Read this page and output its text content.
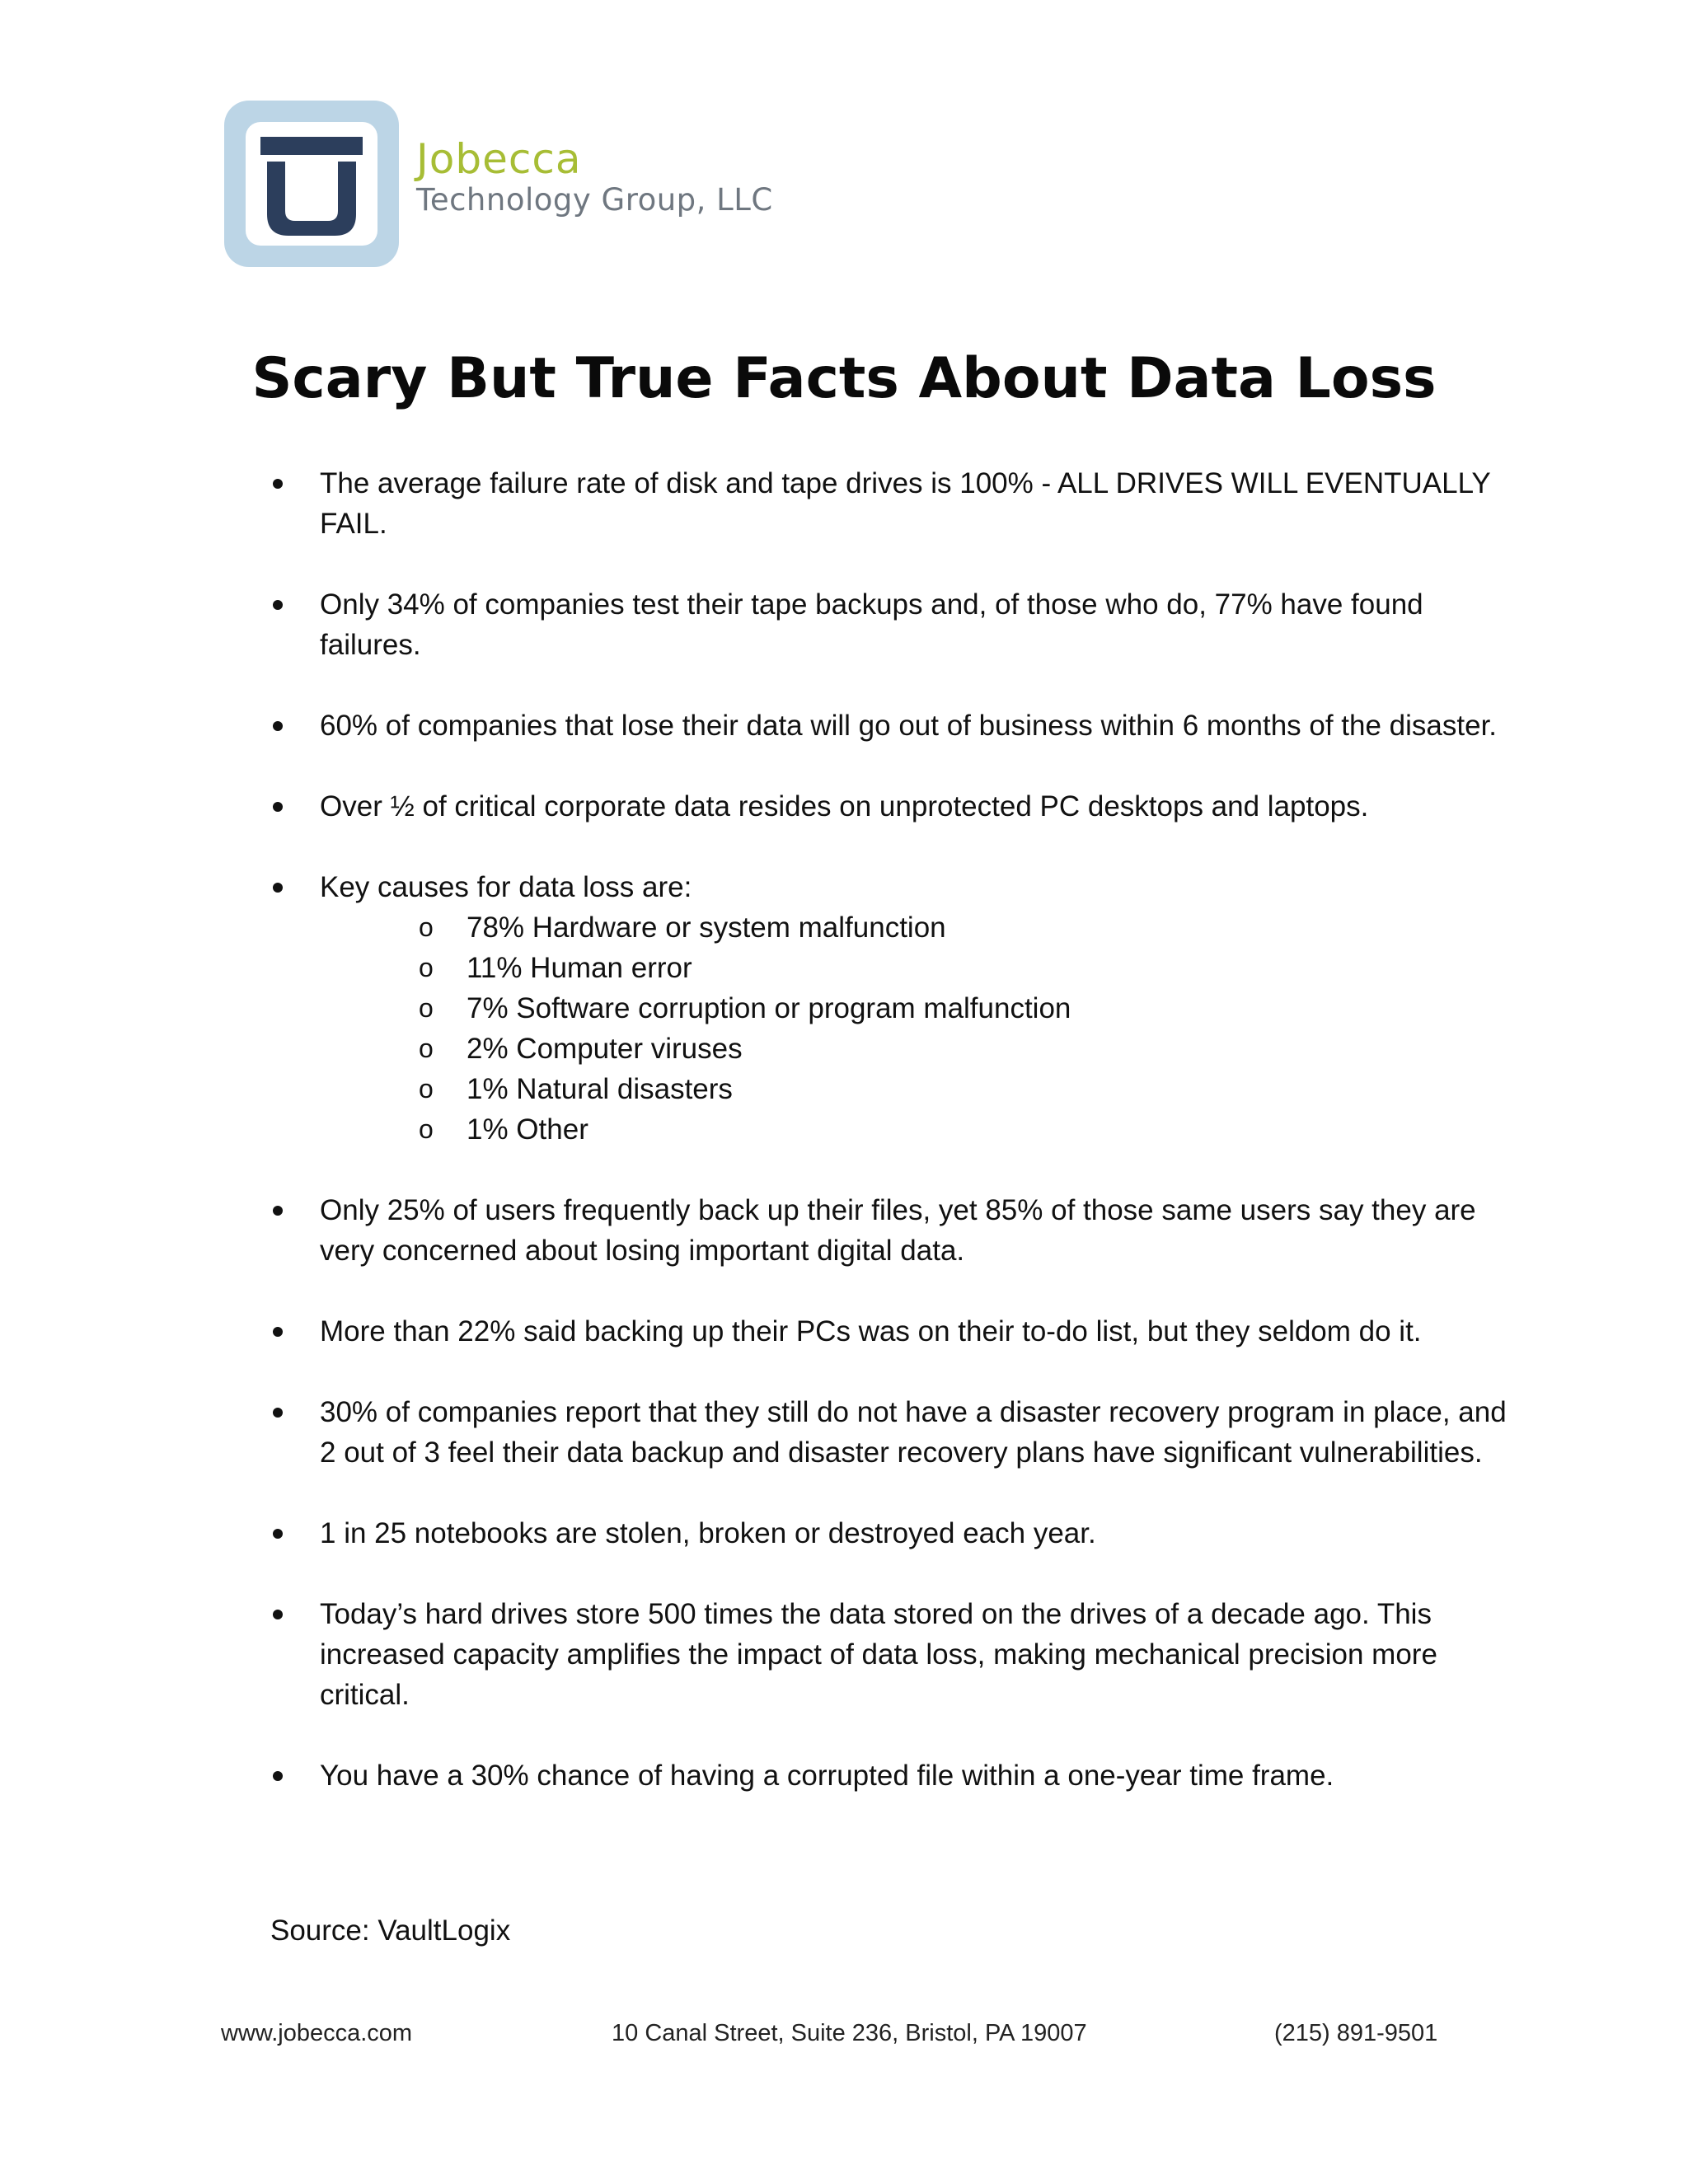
Jobecca
Technology Group, LLC
Scary But True Facts About Data Loss
The average failure rate of disk and tape drives is 100% - ALL DRIVES WILL EVENTUALLY FAIL.
Only 34% of companies test their tape backups and, of those who do, 77% have found failures.
60% of companies that lose their data will go out of business within 6 months of the disaster.
Over ½ of critical corporate data resides on unprotected PC desktops and laptops.
Key causes for data loss are:
o 78% Hardware or system malfunction
o 11% Human error
o 7% Software corruption or program malfunction
o 2% Computer viruses
o 1% Natural disasters
o 1% Other
Only 25% of users frequently back up their files, yet 85% of those same users say they are very concerned about losing important digital data.
More than 22% said backing up their PCs was on their to-do list, but they seldom do it.
30% of companies report that they still do not have a disaster recovery program in place, and 2 out of 3 feel their data backup and disaster recovery plans have significant vulnerabilities.
1 in 25 notebooks are stolen, broken or destroyed each year.
Today’s hard drives store 500 times the data stored on the drives of a decade ago. This increased capacity amplifies the impact of data loss, making mechanical precision more critical.
You have a 30% chance of having a corrupted file within a one-year time frame.
Source: VaultLogix
www.jobecca.com	10 Canal Street, Suite 236, Bristol, PA 19007	(215) 891-9501
